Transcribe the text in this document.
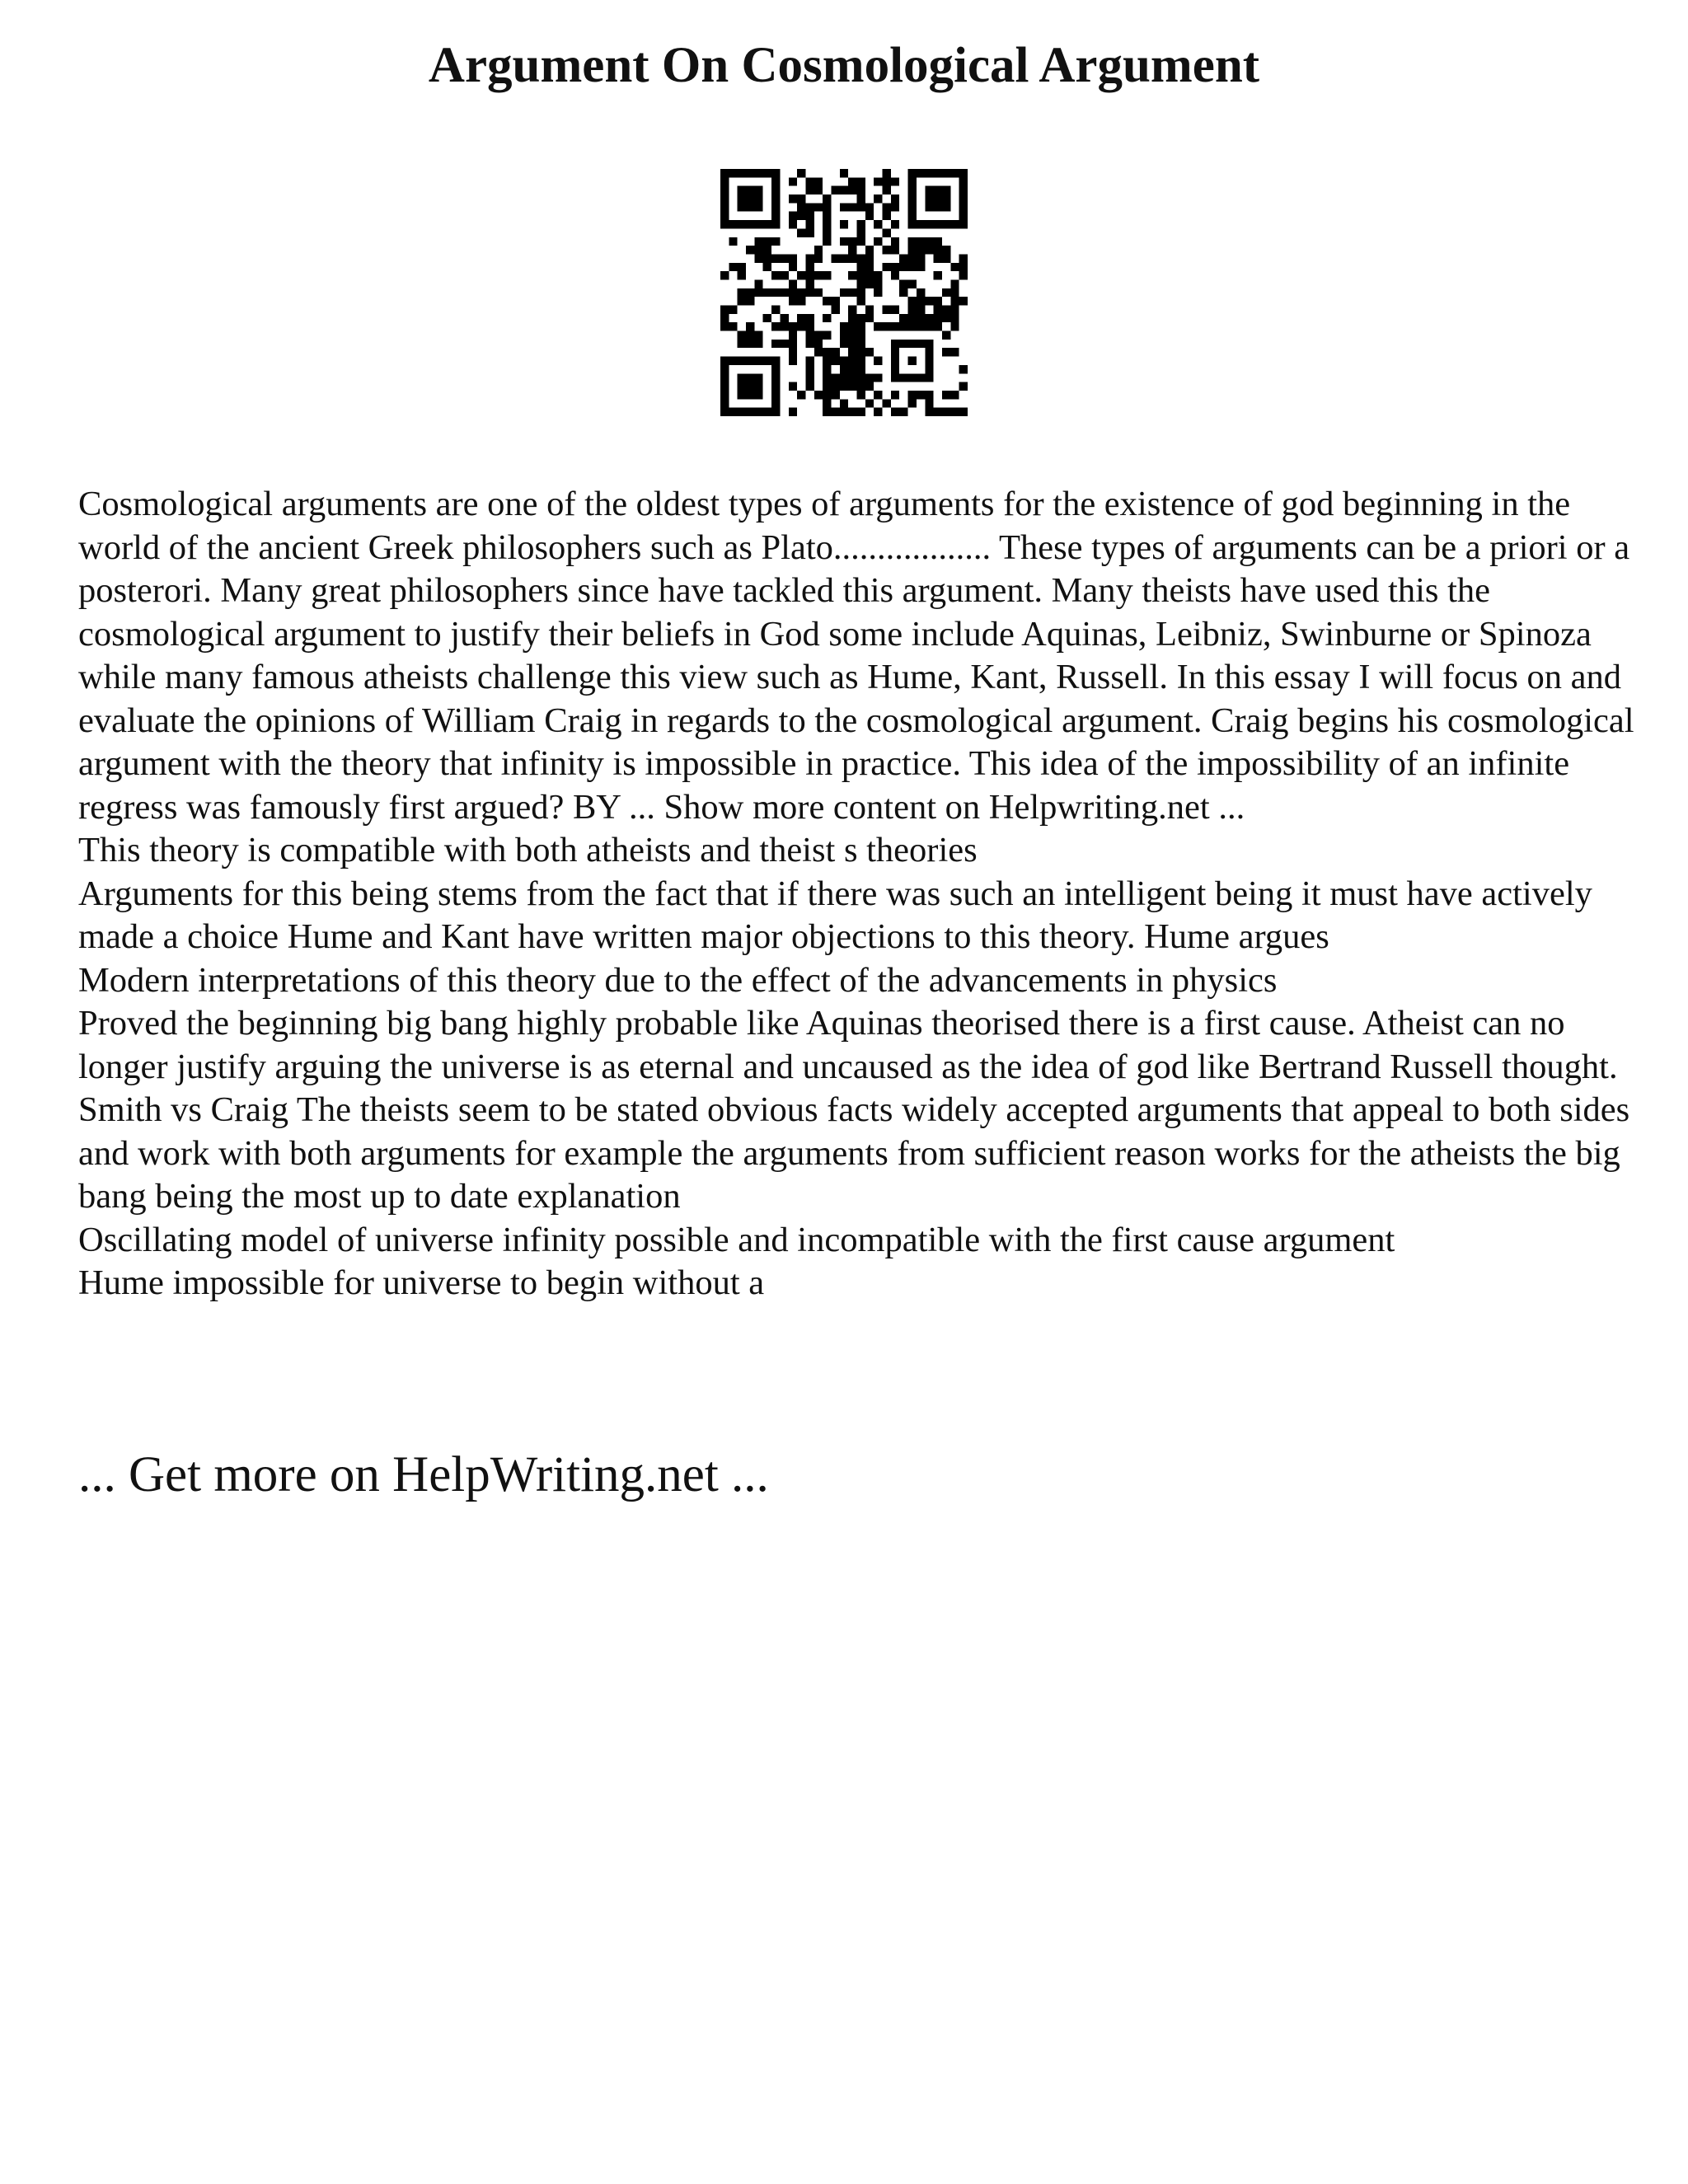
Argument On Cosmological Argument

Cosmological arguments are one of the oldest types of arguments for the existence of god beginning in the world of the ancient Greek philosophers such as Plato.................. These types of arguments can be a priori or a posterori. Many great philosophers since have tackled this argument. Many theists have used this the cosmological argument to justify their beliefs in God some include Aquinas, Leibniz, Swinburne or Spinoza while many famous atheists challenge this view such as Hume, Kant, Russell. In this essay I will focus on and evaluate the opinions of William Craig in regards to the cosmological argument. Craig begins his cosmological argument with the theory that infinity is impossible in practice. This idea of the impossibility of an infinite regress was famously first argued? BY ... Show more content on Helpwriting.net ...

This theory is compatible with both atheists and theist s theories

Arguments for this being stems from the fact that if there was such an intelligent being it must have actively made a choice Hume and Kant have written major objections to this theory. Hume argues

Modern interpretations of this theory due to the effect of the advancements in physics

Proved the beginning big bang highly probable like Aquinas theorised there is a first cause. Atheist can no longer justify arguing the universe is as eternal and uncaused as the idea of god like Bertrand Russell thought.

Smith vs Craig The theists seem to be stated obvious facts widely accepted arguments that appeal to both sides and work with both arguments for example the arguments from sufficient reason works for the atheists the big bang being the most up to date explanation

Oscillating model of universe infinity possible and incompatible with the first cause argument

Hume impossible for universe to begin without a

... Get more on HelpWriting.net ...
